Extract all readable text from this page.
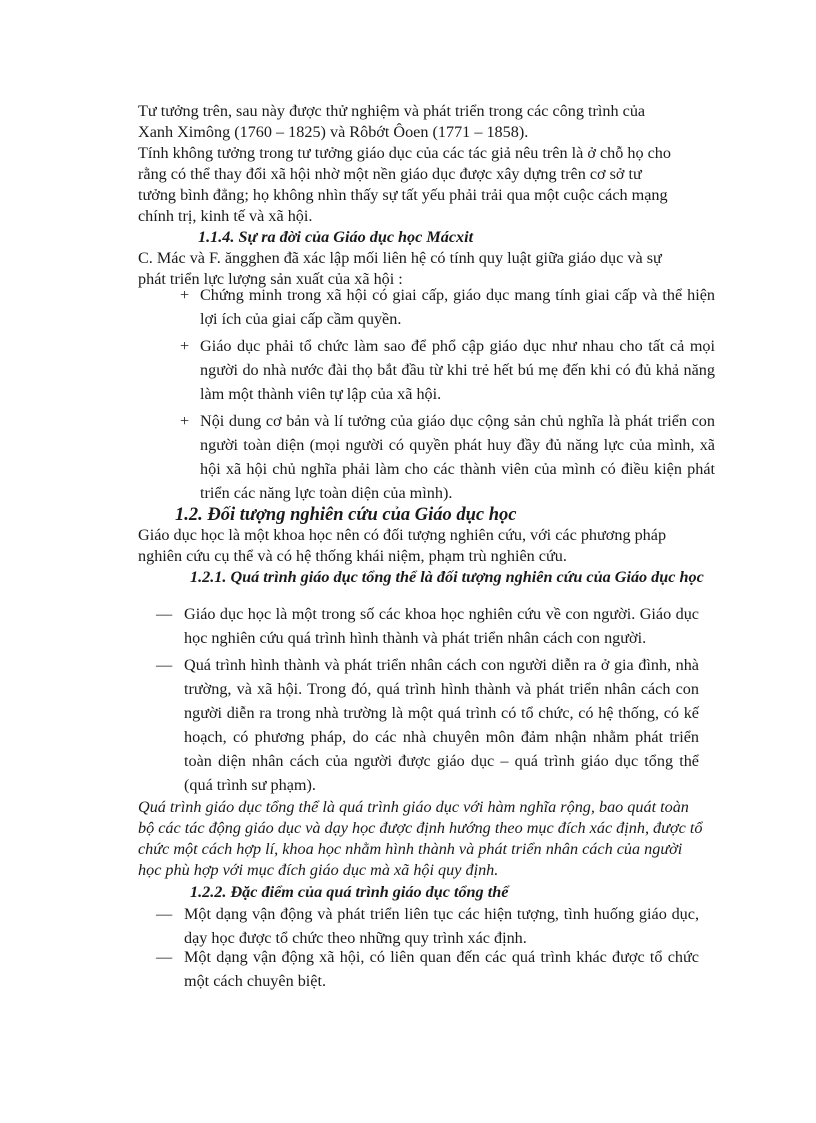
Tư tưởng trên, sau này được thử nghiệm và phát triển trong các công trình của Xanh Ximông (1760 – 1825) và Rôbớt Ôoen (1771 – 1858).

Tính không tưởng trong tư tưởng giáo dục của các tác giả nêu trên là ở chỗ họ cho rằng có thể thay đổi xã hội nhờ một nền giáo dục được xây dựng trên cơ sở tư tưởng bình đẳng; họ không nhìn thấy sự tất yếu phải trải qua một cuộc cách mạng chính trị, kinh tế và xã hội.

1.1.4. Sự ra đời của Giáo dục học Mácxit

C. Mác và F. ăngghen đã xác lập mối liên hệ có tính quy luật giữa giáo dục và sự phát triển lực lượng sản xuất của xã hội :

+ Chứng minh trong xã hội có giai cấp, giáo dục mang tính giai cấp và thể hiện lợi ích của giai cấp cầm quyền.
+ Giáo dục phải tổ chức làm sao để phổ cập giáo dục như nhau cho tất cả mọi người do nhà nước đài thọ bắt đầu từ khi trẻ hết bú mẹ đến khi có đủ khả năng làm một thành viên tự lập của xã hội.
+ Nội dung cơ bản và lí tưởng của giáo dục cộng sản chủ nghĩa là phát triển con người toàn diện (mọi người có quyền phát huy đầy đủ năng lực của mình, xã hội xã hội chủ nghĩa phải làm cho các thành viên của mình có điều kiện phát triển các năng lực toàn diện của mình).

1.2. Đối tượng nghiên cứu của Giáo dục học

Giáo dục học là một khoa học nên có đối tượng nghiên cứu, với các phương pháp nghiên cứu cụ thể và có hệ thống khái niệm, phạm trù nghiên cứu.

1.2.1. Quá trình giáo dục tổng thể là đối tượng nghiên cứu của Giáo dục học

— Giáo dục học là một trong số các khoa học nghiên cứu về con người. Giáo dục học nghiên cứu quá trình hình thành và phát triển nhân cách con người.
— Quá trình hình thành và phát triển nhân cách con người diễn ra ở gia đình, nhà trường, và xã hội. Trong đó, quá trình hình thành và phát triển nhân cách con người diễn ra trong nhà trường là một quá trình có tổ chức, có hệ thống, có kế hoạch, có phương pháp, do các nhà chuyên môn đảm nhận nhằm phát triển toàn diện nhân cách của người được giáo dục – quá trình giáo dục tổng thể (quá trình sư phạm).

Quá trình giáo dục tổng thể là quá trình giáo dục với hàm nghĩa rộng, bao quát toàn bộ các tác động giáo dục và dạy học được định hướng theo mục đích xác định, được tổ chức một cách hợp lí, khoa học nhằm hình thành và phát triển nhân cách của người học phù hợp với mục đích giáo dục mà xã hội quy định.

1.2.2. Đặc điểm của quá trình giáo dục tổng thể

— Một dạng vận động và phát triển liên tục các hiện tượng, tình huống giáo dục, dạy học được tổ chức theo những quy trình xác định.
— Một dạng vận động xã hội, có liên quan đến các quá trình khác được tổ chức một cách chuyên biệt.
